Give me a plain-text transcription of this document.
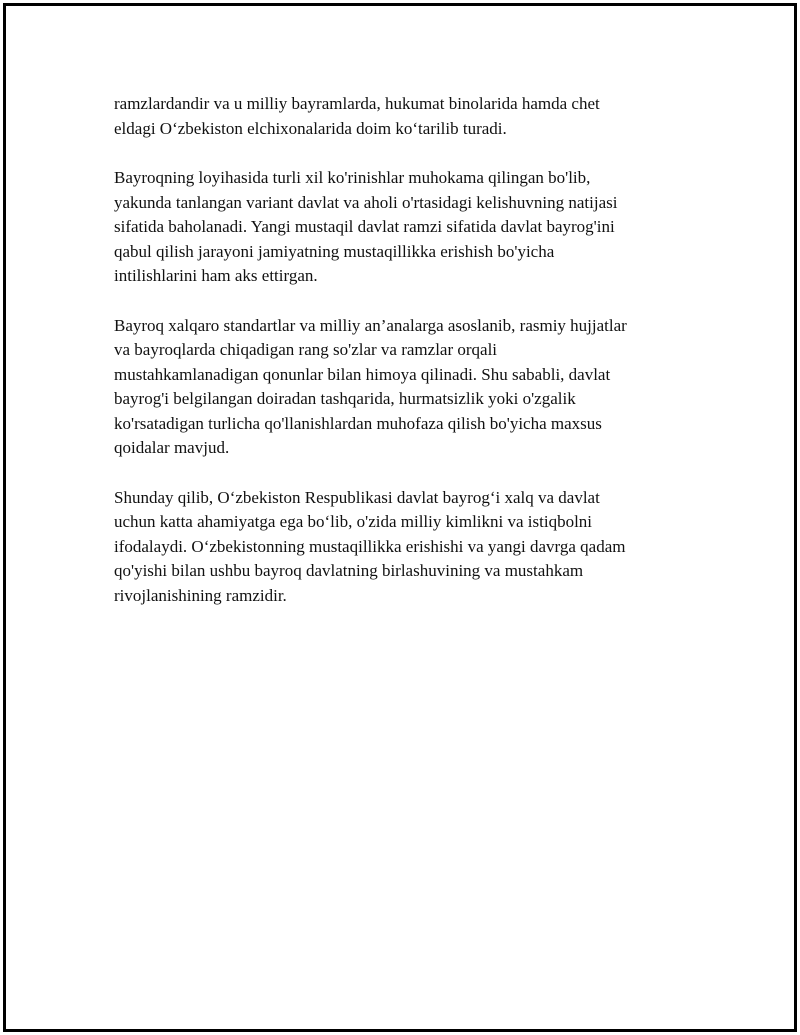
ramzlardandir va u milliy bayramlarda, hukumat binolarida hamda chet
eldagi O‘zbekiston elchixonalarida doim ko‘tarilib turadi.

Bayroqning loyihasida turli xil ko'rinishlar muhokama qilingan bo'lib,
yakunda tanlangan variant davlat va aholi o'rtasidagi kelishuvning natijasi
sifatida baholanadi. Yangi mustaqil davlat ramzi sifatida davlat bayrog'ini
qabul qilish jarayoni jamiyatning mustaqillikka erishish bo'yicha
intilishlarini ham aks ettirgan.

Bayroq xalqaro standartlar va milliy an’analarga asoslanib, rasmiy hujjatlar
va bayroqlarda chiqadigan rang so'zlar va ramzlar orqali
mustahkamlanadigan qonunlar bilan himoya qilinadi. Shu sababli, davlat
bayrog'i belgilangan doiradan tashqarida, hurmatsizlik yoki o'zgalik
ko'rsatadigan turlicha qo'llanishlardan muhofaza qilish bo'yicha maxsus
qoidalar mavjud.

Shunday qilib, O‘zbekiston Respublikasi davlat bayrog‘i xalq va davlat
uchun katta ahamiyatga ega bo‘lib, o'zida milliy kimlikni va istiqbolni
ifodalaydi. O‘zbekistonning mustaqillikka erishishi va yangi davrga qadam
qo'yishi bilan ushbu bayroq davlatning birlashuvining va mustahkam
rivojlanishining ramzidir.
